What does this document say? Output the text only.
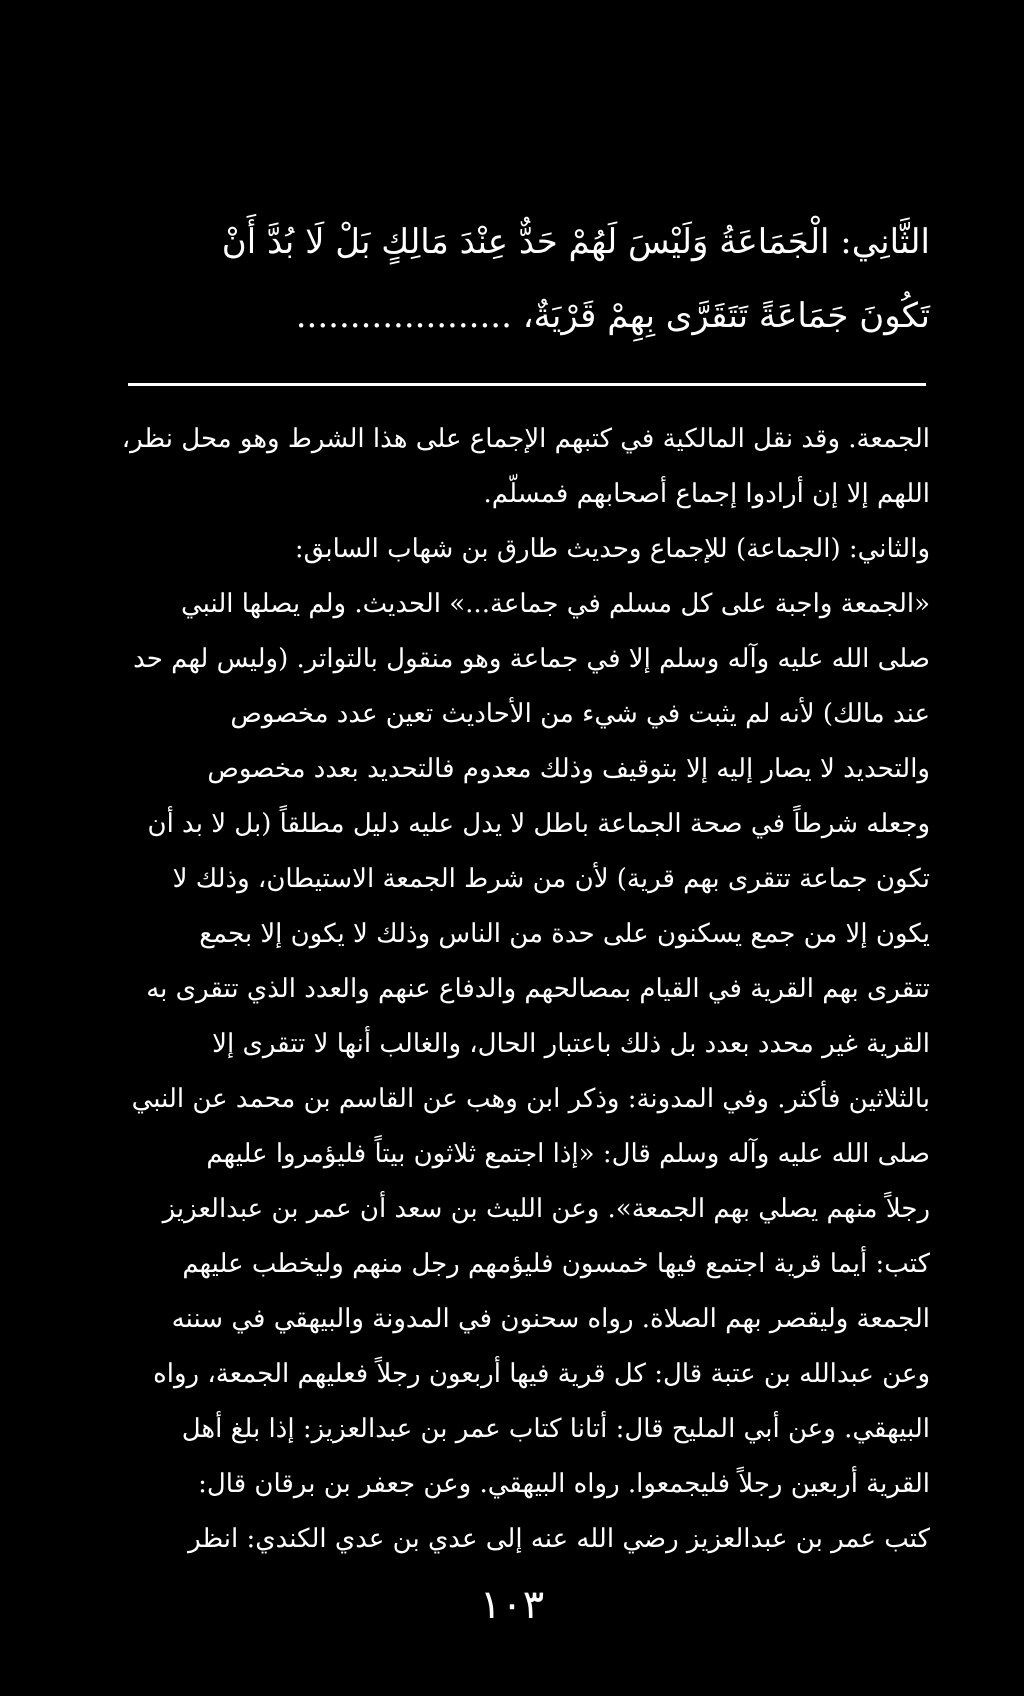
الثَّانِي: الْجَمَاعَةُ وَلَيْسَ لَهُمْ حَدٌّ عِنْدَ مَالِكٍ بَلْ لَا بُدَّ أَنْ

تَكُونَ جَمَاعَةً تَتَقَرَّى بِهِمْ قَرْيَةٌ، ....................

الجمعة. وقد نقل المالكية في كتبهم الإجماع على هذا الشرط وهو محل نظر،

اللهم إلا إن أرادوا إجماع أصحابهم فمسلّم.

والثاني: (الجماعة) للإجماع وحديث طارق بن شهاب السابق:

«الجمعة واجبة على كل مسلم في جماعة...» الحديث. ولم يصلها النبي

صلى الله عليه وآله وسلم إلا في جماعة وهو منقول بالتواتر. (وليس لهم حد

عند مالك) لأنه لم يثبت في شيء من الأحاديث تعين عدد مخصوص

والتحديد لا يصار إليه إلا بتوقيف وذلك معدوم فالتحديد بعدد مخصوص

وجعله شرطاً في صحة الجماعة باطل لا يدل عليه دليل مطلقاً (بل لا بد أن

تكون جماعة تتقرى بهم قرية) لأن من شرط الجمعة الاستيطان، وذلك لا

يكون إلا من جمع يسكنون على حدة من الناس وذلك لا يكون إلا بجمع

تتقرى بهم القرية في القيام بمصالحهم والدفاع عنهم والعدد الذي تتقرى به

القرية غير محدد بعدد بل ذلك باعتبار الحال، والغالب أنها لا تتقرى إلا

بالثلاثين فأكثر. وفي المدونة: وذكر ابن وهب عن القاسم بن محمد عن النبي

صلى الله عليه وآله وسلم قال: «إذا اجتمع ثلاثون بيتاً فليؤمروا عليهم

رجلاً منهم يصلي بهم الجمعة». وعن الليث بن سعد أن عمر بن عبدالعزيز

كتب: أيما قرية اجتمع فيها خمسون فليؤمهم رجل منهم وليخطب عليهم

الجمعة وليقصر بهم الصلاة. رواه سحنون في المدونة والبيهقي في سننه

وعن عبدالله بن عتبة قال: كل قرية فيها أربعون رجلاً فعليهم الجمعة، رواه

البيهقي. وعن أبي المليح قال: أتانا كتاب عمر بن عبدالعزيز: إذا بلغ أهل

القرية أربعين رجلاً فليجمعوا. رواه البيهقي. وعن جعفر بن برقان قال:

كتب عمر بن عبدالعزيز رضي الله عنه إلى عدي بن عدي الكندي: انظر

١٠٣
